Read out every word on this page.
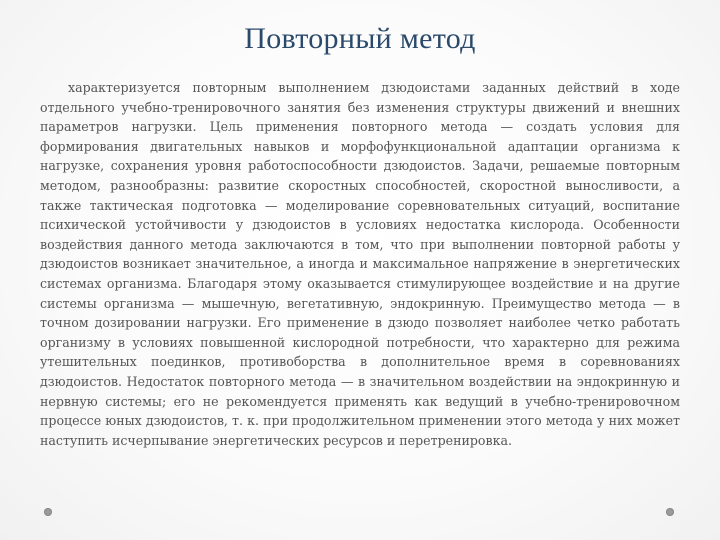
Повторный метод

характеризуется повторным выполнением дзюдоистами заданных действий в ходе отдельного учебно-тренировочного занятия без изменения структуры движений и внешних параметров нагрузки. Цель применения повторного метода — создать условия для формирования двигательных навыков и морфофункциональной адаптации организма к нагрузке, сохранения уровня работоспособности дзюдоистов. Задачи, решаемые повторным методом, разнообразны: развитие скоростных способностей, скоростной выносливости, а также тактическая подготовка — моделирование соревновательных ситуаций, воспитание психической устойчивости у дзюдоистов в условиях недостатка кислорода. Особенности воздействия данного метода заключаются в том, что при выполнении повторной работы у дзюдоистов возникает значительное, а иногда и максимальное напряжение в энергетических системах организма. Благодаря этому оказывается стимулирующее воздействие и на другие системы организма — мышечную, вегетативную, эндокринную. Преимущество метода — в точном дозировании нагрузки. Его применение в дзюдо позволяет наиболее четко работать организму в условиях повышенной кислородной потребности, что характерно для режима утешительных поединков, противоборства в дополнительное время в соревнованиях дзюдоистов. Недостаток повторного метода — в значительном воздействии на эндокринную и нервную системы; его не рекомендуется применять как ведущий в учебно-тренировочном процессе юных дзюдоистов, т. к. при продолжительном применении этого метода у них может наступить исчерпывание энергетических ресурсов и перетренировка.
